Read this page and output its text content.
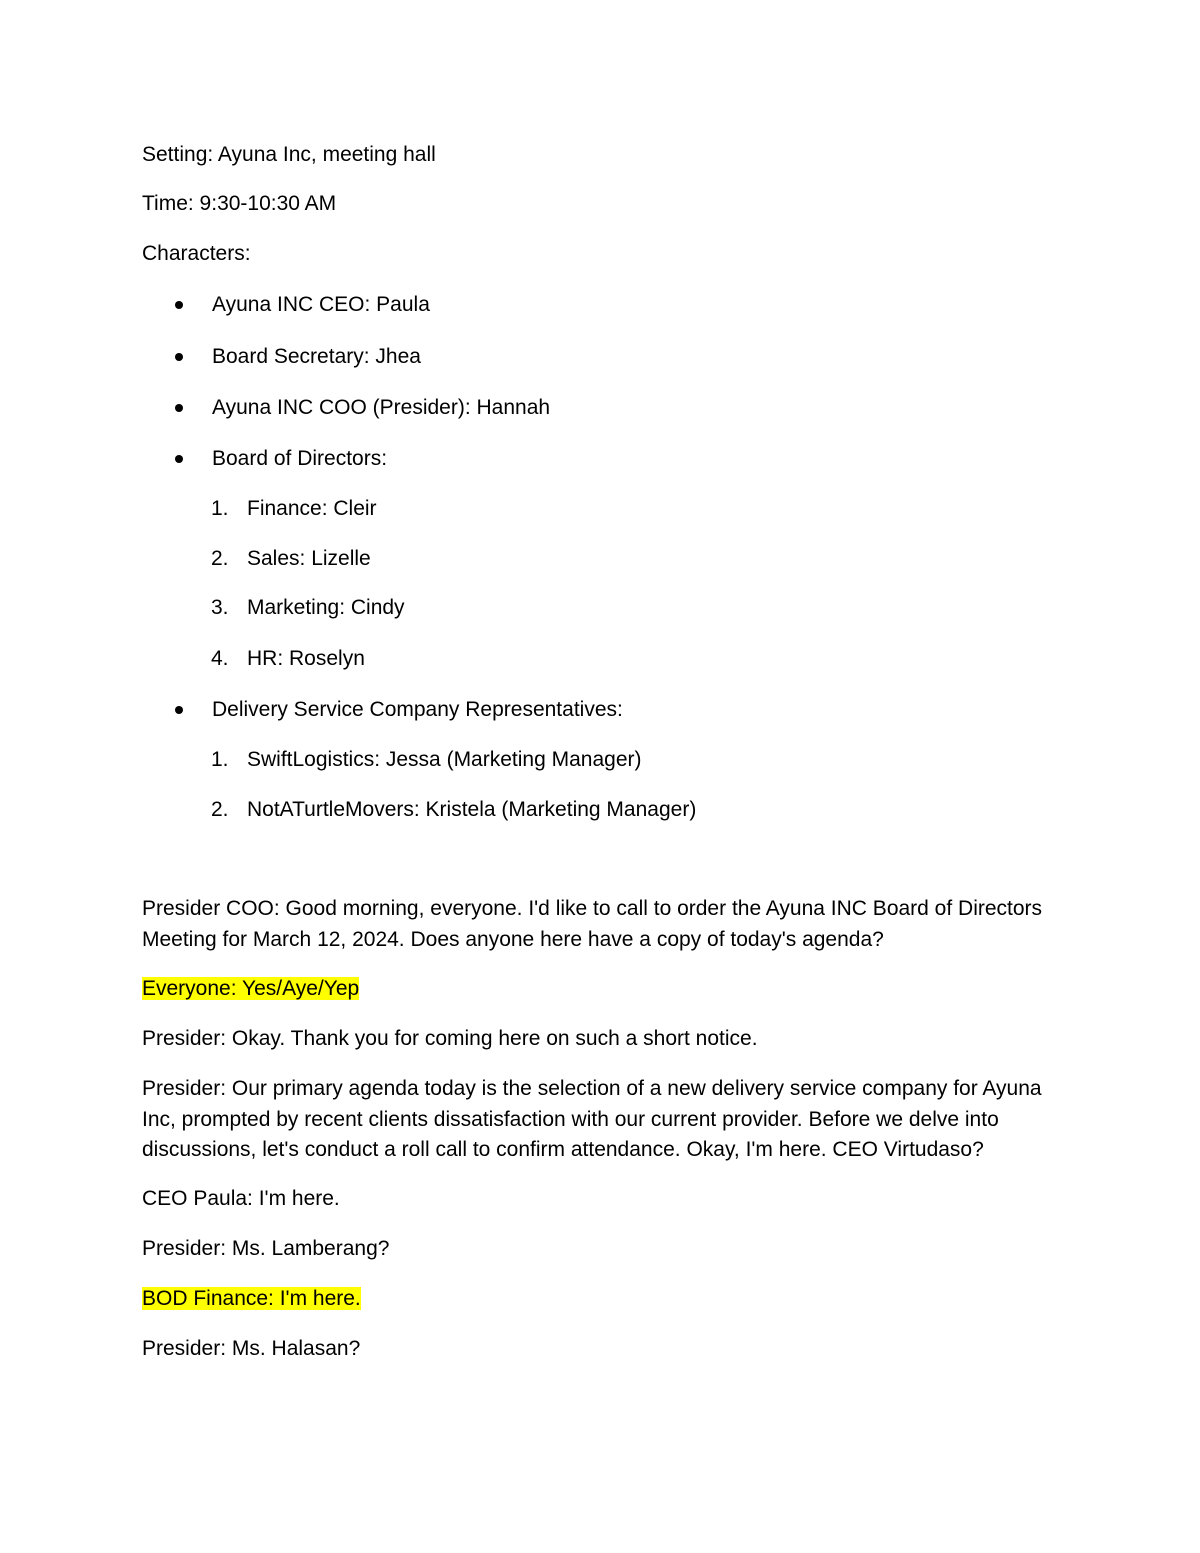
Setting: Ayuna Inc, meeting hall
Time: 9:30-10:30 AM
Characters:
Ayuna INC CEO: Paula
Board Secretary: Jhea
Ayuna INC COO (Presider): Hannah
Board of Directors:
1. Finance: Cleir
2. Sales: Lizelle
3. Marketing: Cindy
4. HR: Roselyn
Delivery Service Company Representatives:
1. SwiftLogistics: Jessa (Marketing Manager)
2. NotATurtleMovers: Kristela (Marketing Manager)
Presider COO: Good morning, everyone. I'd like to call to order the Ayuna INC Board of Directors Meeting for March 12, 2024. Does anyone here have a copy of today's agenda?
Everyone: Yes/Aye/Yep
Presider: Okay. Thank you for coming here on such a short notice.
Presider: Our primary agenda today is the selection of a new delivery service company for Ayuna Inc, prompted by recent clients dissatisfaction with our current provider. Before we delve into discussions, let's conduct a roll call to confirm attendance. Okay, I'm here. CEO Virtudaso?
CEO Paula: I'm here.
Presider: Ms. Lamberang?
BOD Finance: I'm here.
Presider: Ms. Halasan?
